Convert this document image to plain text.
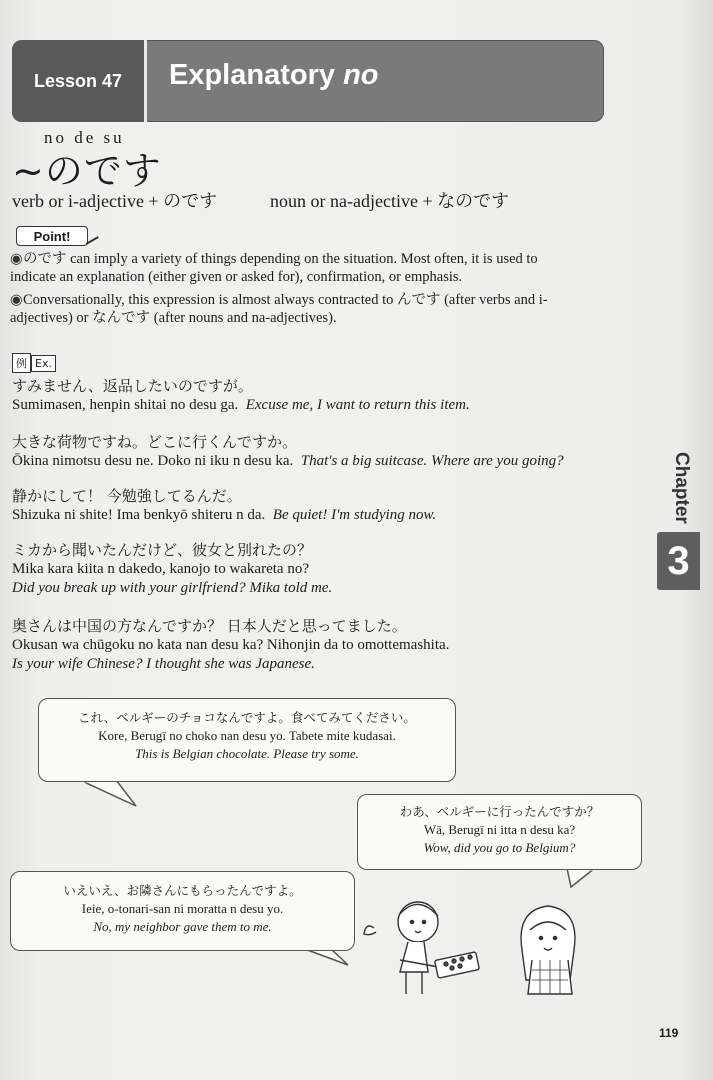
Lesson 47	Explanatory no
no de su
~のです
verb or i-adjective + のです	noun or na-adjective + なのです
Point!
◉のです can imply a variety of things depending on the situation. Most often, it is used to indicate an explanation (either given or asked for), confirmation, or emphasis.
◉Conversationally, this expression is almost always contracted to んです (after verbs and i-adjectives) or なんです (after nouns and na-adjectives).
例 Ex.
すみません、返品したいのですが。
Sumimasen, henpin shitai no desu ga. Excuse me, I want to return this item.
大きな荷物ですね。どこに行くんですか。
Ōkina nimotsu desu ne. Doko ni iku n desu ka. That's a big suitcase. Where are you going?
静かにして！ 今勉強してるんだ。
Shizuka ni shite! Ima benkyō shiteru n da. Be quiet! I'm studying now.
ミカから聞いたんだけど、彼女と別れたの？
Mika kara kiita n dakedo, kanojo to wakareta no?
Did you break up with your girlfriend? Mika told me.
奥さんは中国の方なんですか？ 日本人だと思ってました。
Okusan wa chūgoku no kata nan desu ka? Nihonjin da to omottemashita.
Is your wife Chinese? I thought she was Japanese.
Chapter
3
これ、ベルギーのチョコなんですよ。食べてみてください。
Kore, Berugī no choko nan desu yo. Tabete mite kudasai.
This is Belgian chocolate. Please try some.
わあ、ベルギーに行ったんですか？
Wā, Berugī ni itta n desu ka?
Wow, did you go to Belgium?
いえいえ、お隣さんにもらったんですよ。
Ieie, o-tonari-san ni moratta n desu yo.
No, my neighbor gave them to me.
119
